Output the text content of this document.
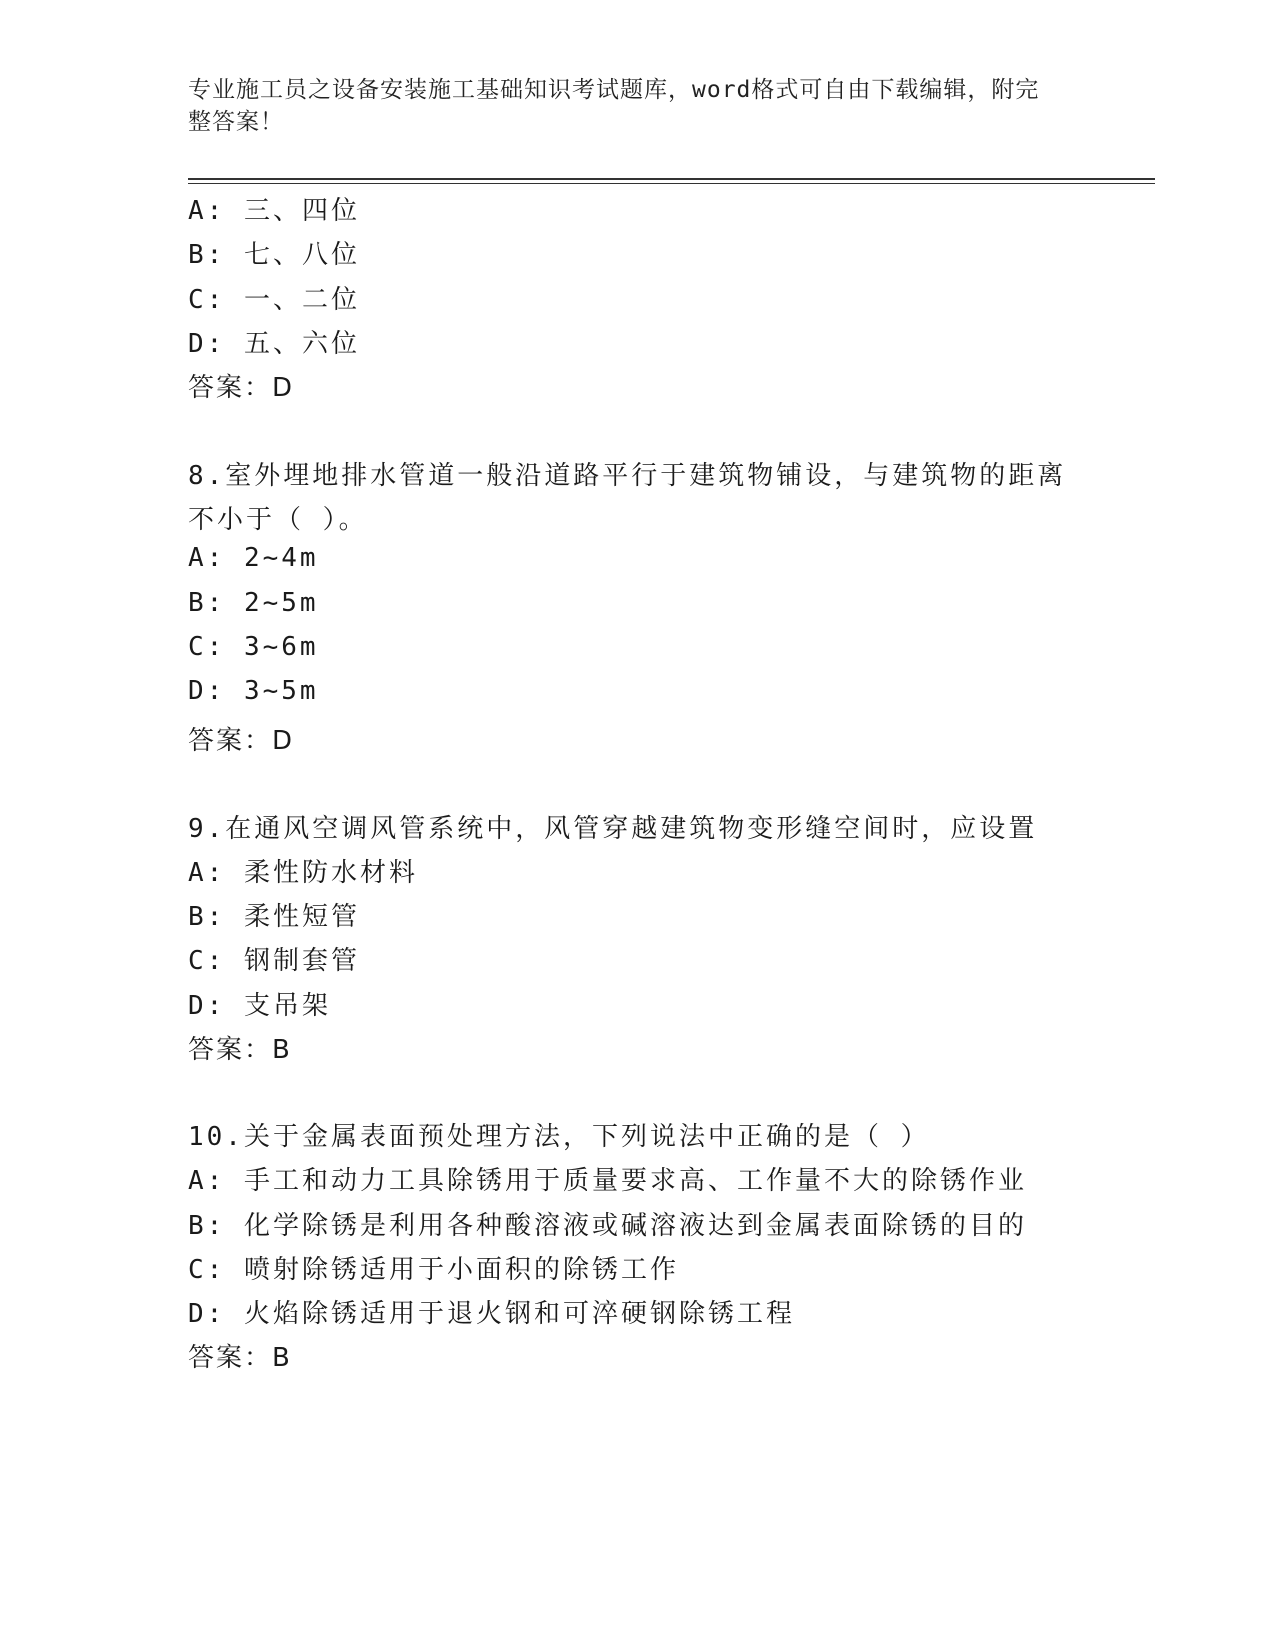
专业施工员之设备安装施工基础知识考试题库，word格式可自由下载编辑，附完
整答案！
A: 三、四位
B: 七、八位
C: 一、二位
D: 五、六位
答案：D
8.室外埋地排水管道一般沿道路平行于建筑物铺设，与建筑物的距离
不小于（ ）。
A: 2~4m
B: 2~5m
C: 3~6m
D: 3~5m
答案：D
9.在通风空调风管系统中，风管穿越建筑物变形缝空间时，应设置
A: 柔性防水材料
B: 柔性短管
C: 钢制套管
D: 支吊架
答案：B
10.关于金属表面预处理方法，下列说法中正确的是（ ）
A: 手工和动力工具除锈用于质量要求高、工作量不大的除锈作业
B: 化学除锈是利用各种酸溶液或碱溶液达到金属表面除锈的目的
C: 喷射除锈适用于小面积的除锈工作
D: 火焰除锈适用于退火钢和可淬硬钢除锈工程
答案：B
